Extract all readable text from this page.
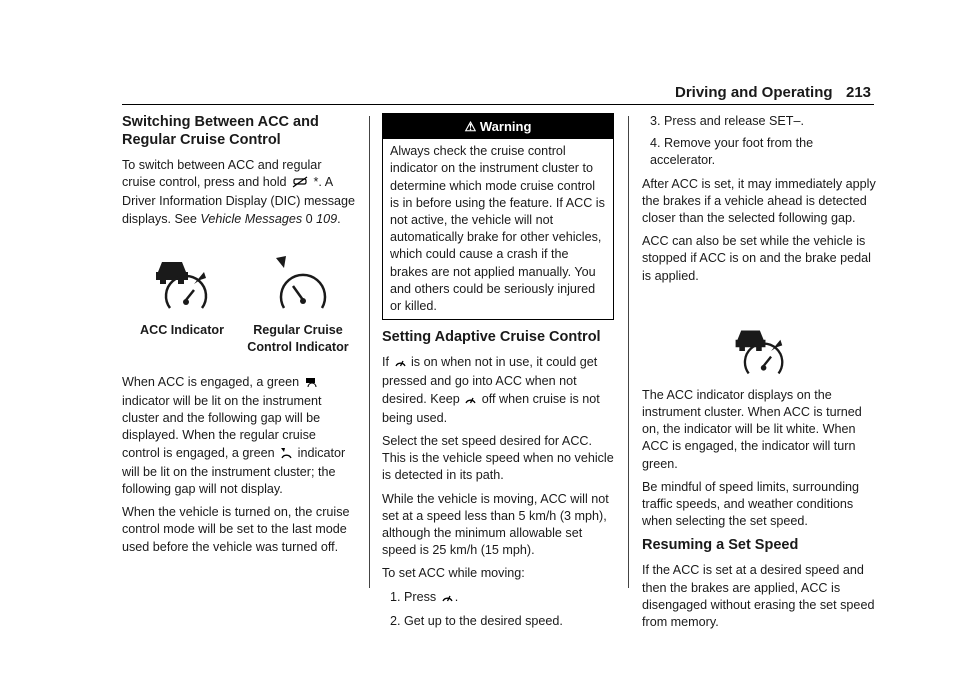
Driving and Operating 213
Switching Between ACC and Regular Cruise Control

To switch between ACC and regular cruise control, press and hold *. A Driver Information Display (DIC) message displays. See Vehicle Messages 0 109.

ACC Indicator	Regular Cruise Control Indicator

When ACC is engaged, a green  indicator will be lit on the instrument cluster and the following gap will be displayed. When the regular cruise control is engaged, a green indicator will be lit on the instrument cluster; the following gap will not display.

When the vehicle is turned on, the cruise control mode will be set to the last mode used before the vehicle was turned off.

⚠ Warning
Always check the cruise control indicator on the instrument cluster to determine which mode cruise control is in before using the feature. If ACC is not active, the vehicle will not automatically brake for other vehicles, which could cause a crash if the brakes are not applied manually. You and others could be seriously injured or killed.
Setting Adaptive Cruise Control

If is on when not in use, it could get pressed and go into ACC when not desired. Keep off when cruise is not being used.

Select the set speed desired for ACC. This is the vehicle speed when no vehicle is detected in its path.

While the vehicle is moving, ACC will not set at a speed less than 5 km/h (3 mph), although the minimum allowable set speed is 25 km/h (15 mph).

To set ACC while moving:

1. Press .
2. Get up to the desired speed.
3. Press and release SET–.
4. Remove your foot from the accelerator.

After ACC is set, it may immediately apply the brakes if a vehicle ahead is detected closer than the selected following gap.

ACC can also be set while the vehicle is stopped if ACC is on and the brake pedal is applied.

The ACC indicator displays on the instrument cluster. When ACC is turned on, the indicator will be lit white. When ACC is engaged, the indicator will turn green.

Be mindful of speed limits, surrounding traffic speeds, and weather conditions when selecting the set speed.

Resuming a Set Speed

If the ACC is set at a desired speed and then the brakes are applied, ACC is disengaged without erasing the set speed from memory.
